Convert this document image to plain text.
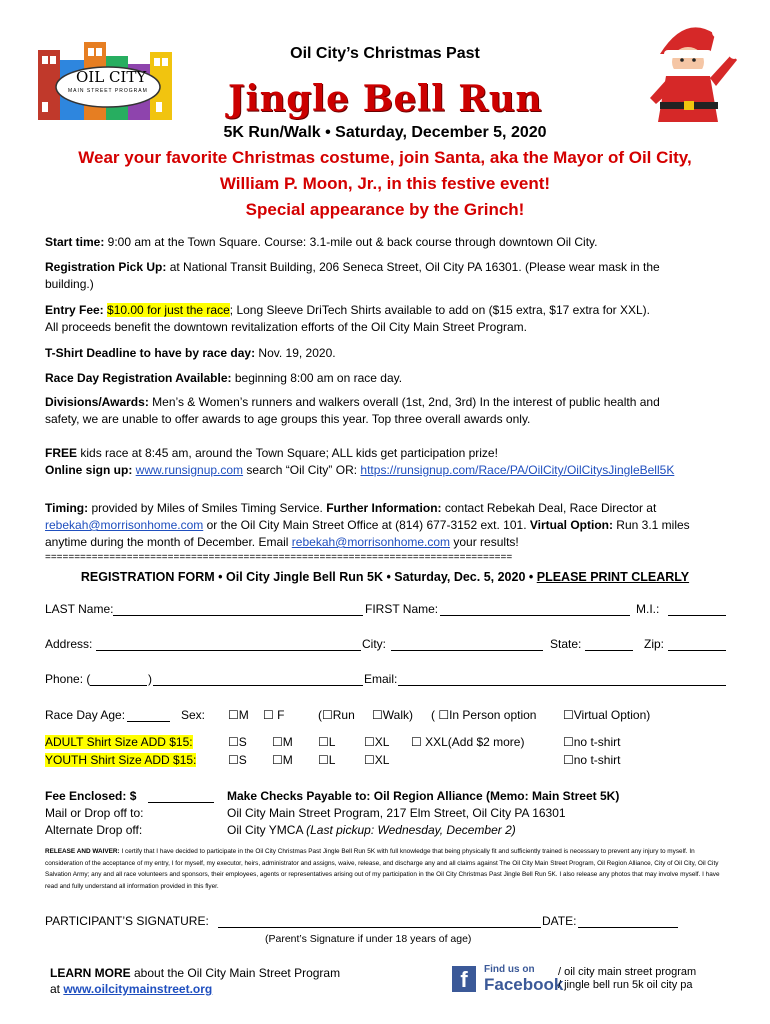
OIL CITY
MAIN STREET PROGRAM
Oil City’s Christmas Past
Jingle Bell Run
5K Run/Walk • Saturday, December 5, 2020
Wear your favorite Christmas costume, join Santa, aka the Mayor of Oil City,
William P. Moon, Jr., in this festive event!
Special appearance by the Grinch!
Start time: 9:00 am at the Town Square. Course: 3.1-mile out & back course through downtown Oil City.
Registration Pick Up: at National Transit Building, 206 Seneca Street, Oil City PA 16301. (Please wear mask in the
building.)
Entry Fee: $10.00 for just the race; Long Sleeve DriTech Shirts available to add on ($15 extra, $17 extra for XXL).
All proceeds benefit the downtown revitalization efforts of the Oil City Main Street Program.
T-Shirt Deadline to have by race day: Nov. 19, 2020.
Race Day Registration Available: beginning 8:00 am on race day.
Divisions/Awards: Men’s & Women’s runners and walkers overall (1st, 2nd, 3rd) In the interest of public health and
safety, we are unable to offer awards to age groups this year. Top three overall awards only.
FREE kids race at 8:45 am, around the Town Square; ALL kids get participation prize!
Online sign up: www.runsignup.com search “Oil City” OR: https://runsignup.com/Race/PA/OilCity/OilCitysJingleBell5K
Timing: provided by Miles of Smiles Timing Service. Further Information: contact Rebekah Deal, Race Director at
rebekah@morrisonhome.com or the Oil City Main Street Office at (814) 677-3152 ext. 101. Virtual Option: Run 3.1 miles
anytime during the month of December. Email rebekah@morrisonhome.com your results!
================================================================================
REGISTRATION FORM • Oil City Jingle Bell Run 5K • Saturday, Dec. 5, 2020 • PLEASE PRINT CLEARLY
LAST Name:	FIRST Name:	M.I.:
Address:	City:	State:	Zip:
Phone: (	)	Email:
Race Day Age:	Sex: ☐M ☐ F	(☐Run ☐Walk) ( ☐In Person option ☐Virtual Option)
ADULT Shirt Size ADD $15:	☐S ☐M ☐L ☐XL ☐ XXL(Add $2 more)	☐no t-shirt
YOUTH Shirt Size ADD $15:	☐S ☐M ☐L ☐XL	☐no t-shirt
Fee Enclosed: $	Make Checks Payable to: Oil Region Alliance (Memo: Main Street 5K)
Mail or Drop off to:	Oil City Main Street Program, 217 Elm Street, Oil City PA 16301
Alternate Drop off:	Oil City YMCA (Last pickup: Wednesday, December 2)
RELEASE AND WAIVER: I certify that I have decided to participate in the Oil City Christmas Past Jingle Bell Run 5K with full knowledge that being physically fit and sufficiently trained is necessary to prevent any injury to myself. In consideration of the acceptance of my entry, I for myself, my executor, heirs, administrator and assigns, waive, release, and discharge any and all claims against The Oil City Main Street Program, Oil Region Alliance, City of Oil City, Oil City Salvation Army; any and all race volunteers and sponsors, their employees, agents or representatives arising out of my participation in the Oil City Christmas Past Jingle Bell Run 5K. I also release any photos that may involve myself. I have read and fully understand all information provided in this flyer.
PARTICIPANT’S SIGNATURE:	DATE:
(Parent’s Signature if under 18 years of age)
LEARN MORE about the Oil City Main Street Program
at www.oilcitymainstreet.org	f	Find us on
Facebook
/ oil city main street program
/ jingle bell run 5k oil city pa
